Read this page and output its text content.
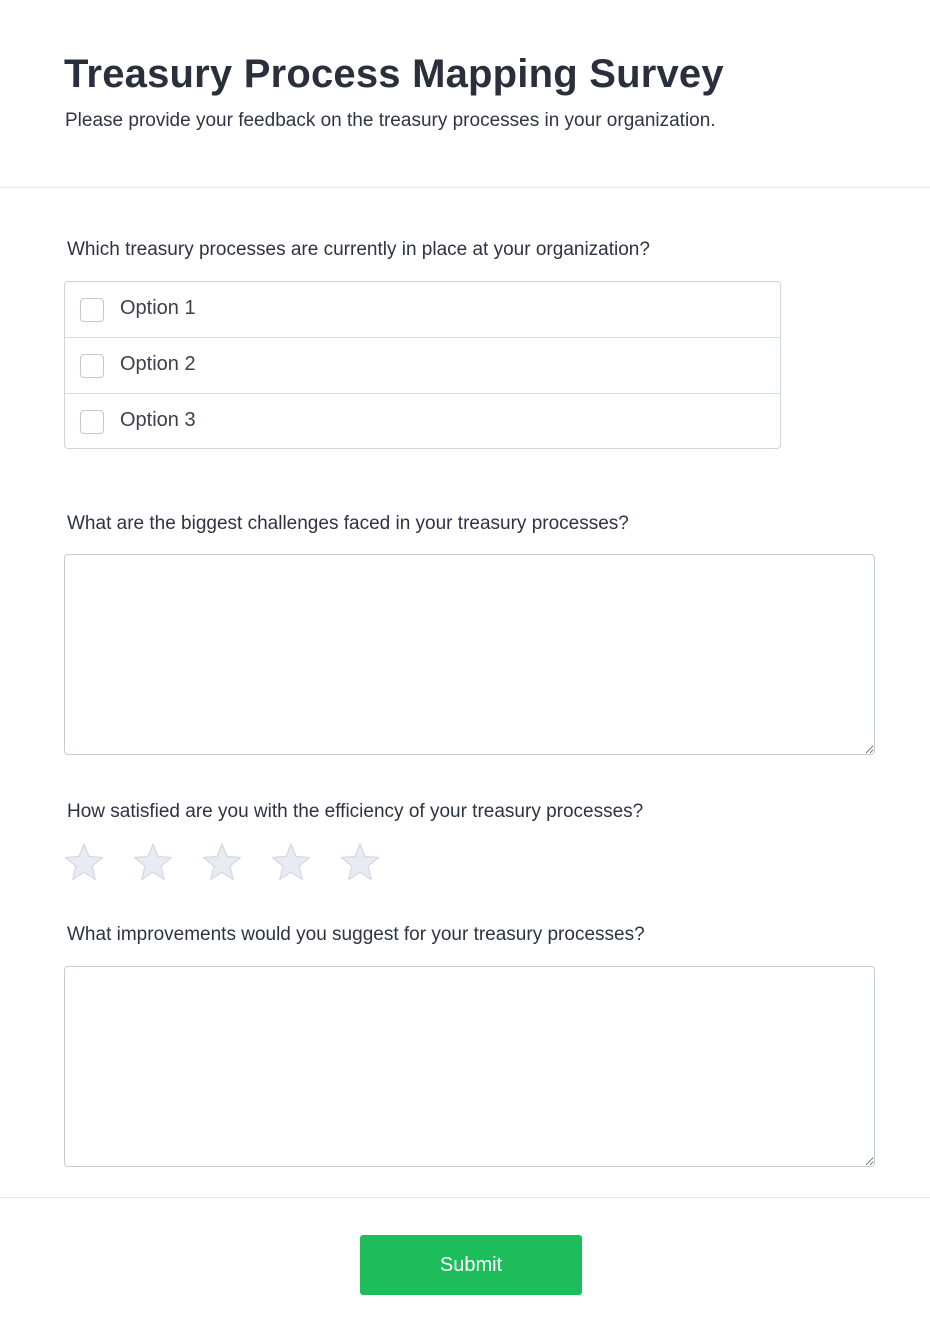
Treasury Process Mapping Survey

Please provide your feedback on the treasury processes in your organization.

Which treasury processes are currently in place at your organization?

Option 1
Option 2
Option 3

What are the biggest challenges faced in your treasury processes?

How satisfied are you with the efficiency of your treasury processes?

What improvements would you suggest for your treasury processes?

Submit
